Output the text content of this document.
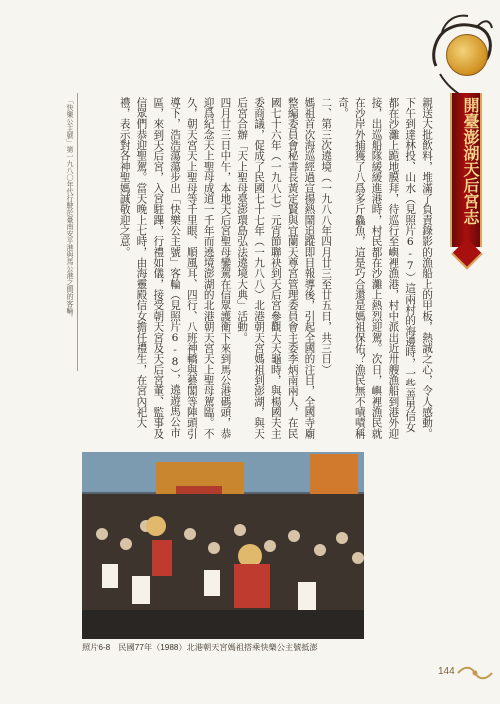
開臺澎湖天后宮志

親送大批飲料，堆滿了負責錄影的漁船上的甲板，熱誠之心，令人感動。

下午到達林投、山水（見照片6-7）這兩村的海邊時，一些善男信女都在沙灘上跪地膜拜，待巡行至嶼裡漁港，村中派出近卅艘漁船到港外迎接，出巡船隊緩緩進港時，村民都在沙灘上熱烈迎駕。次日，嶼裡漁民就在沙岸外捕獲了八爲多斤鱻魚，這是巧合還是媽祖保佑？漁民無不嘖嘖稱奇。

二、第三次遶境（一九八八年四月廿三至廿五日，共三日）

媽祖首次海巡經過宣揚熱鬧追蹤即目報導後，引起全國的注目，全國寺廟整編委員會秘書長黃定賢與宜蘭天尊宮管理委員會主委李炳南兩人，在民國七十六年（一九八七）元宵節聯袂到天后宮參觀大天龜時，與楊國夫主委商議，促成了民國七十七年（一九八八）北港朝天宮媽祖到澎湖，與天后宮合辦「天上聖母臺澎環島弘法遶境大典」活動。

四月廿三日中午，本地天后宮聖母鑾駕在信眾護衛下來到馬公港碼頭，恭迎爲紀念天上聖母成道一千年而遶境澎湖的北港朝天宮天上聖母駕臨。不久，朝天宮天上聖母等千里眼、順風耳、四行、八班神轎與藝閣等陣頭引導下，浩浩蕩蕩步出「快樂公主號」客輪（見照片6-8），遶遊馬公市區，來到天后宮，入宮駐蹕，行禮如儀，接受朝天宮及天后宮董、監事及信眾們恭迎聖駕。當天晚上七時，由海靈殿信女擔任禮生，在宮內祀大禮，表示對各神聖媽誠敬迎之意。

「快樂公主號」第一九八〇年代行駛於臺南安平港與馬公港之間的客輪。
照片6-8　民國77年（1988）北港朝天宮媽祖搭乘快樂公主號抵澎
144
